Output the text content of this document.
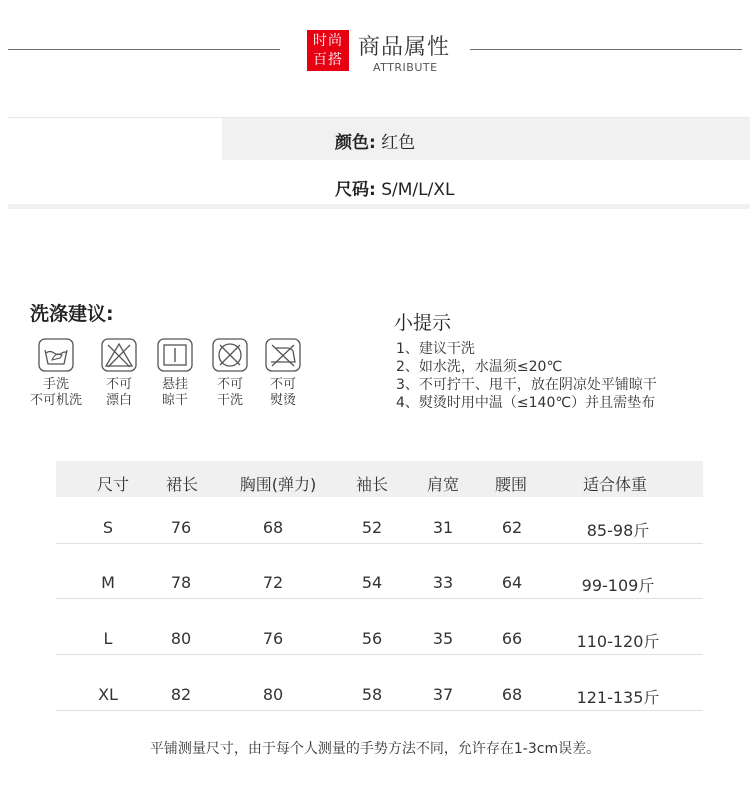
时尚
百搭 商品属性
ATTRIBUTE
颜色: 红色
尺码: S/M/L/XL
洗涤建议:
手洗
不可机洗
不可
漂白
悬挂
晾干
不可
干洗
不可
熨烫
小提示
1、建议干洗
2、如水洗，水温须≤20℃
3、不可拧干、甩干，放在阴凉处平铺晾干
4、熨烫时用中温（≤140℃）并且需垫布
尺寸	裙长	胸围(弹力)	袖长	肩宽	腰围	适合体重
S	76	68	52	31	62	85-98斤
M	78	72	54	33	64	99-109斤
L	80	76	56	35	66	110-120斤
XL	82	80	58	37	68	121-135斤
平铺测量尺寸，由于每个人测量的手势方法不同，允许存在1-3cm误差。
